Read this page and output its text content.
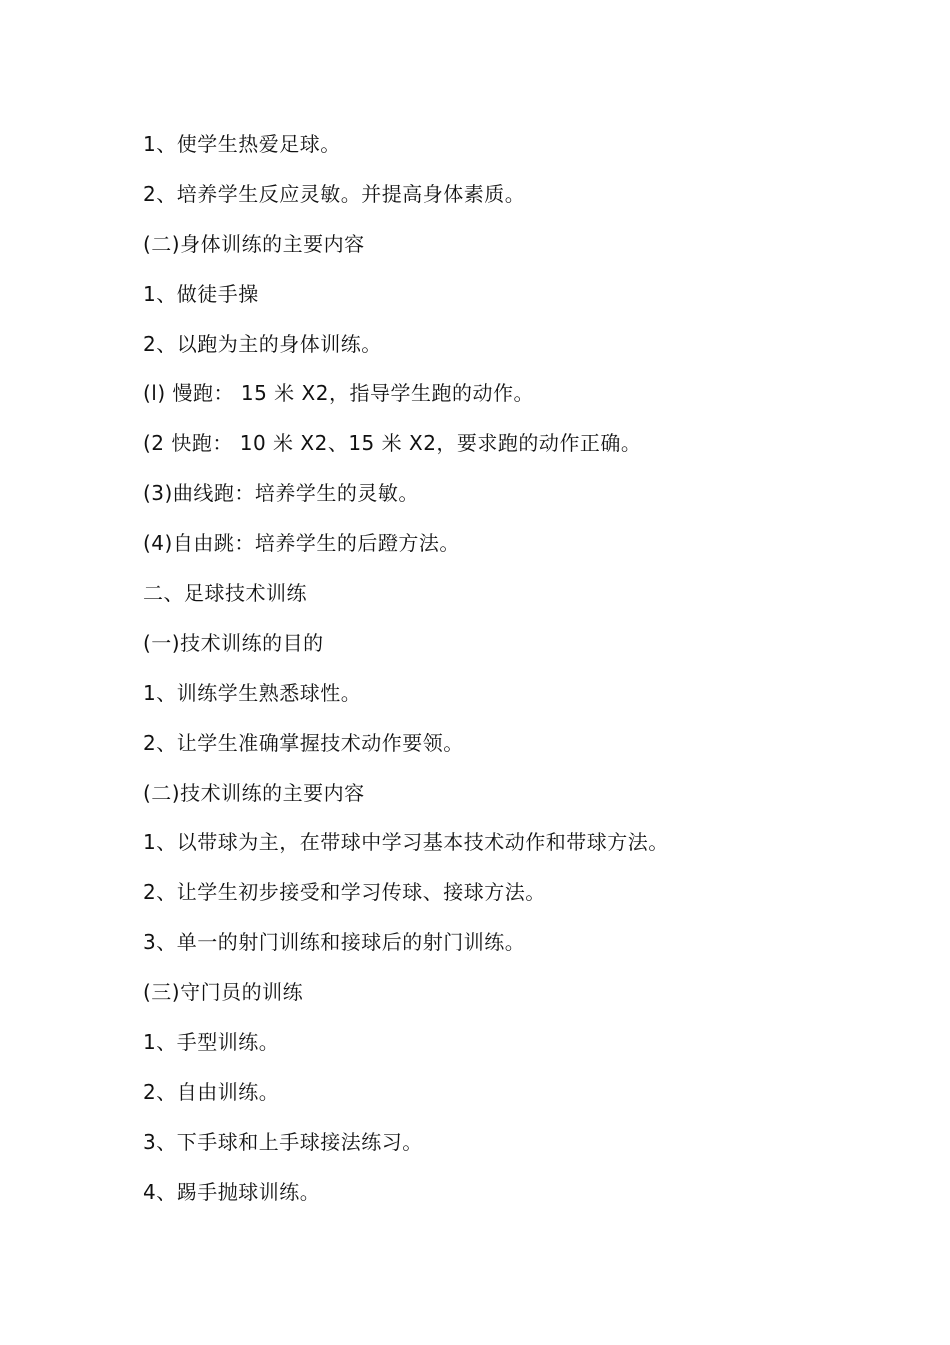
1、使学生热爱足球。
2、培养学生反应灵敏。并提高身体素质。
(二)身体训练的主要内容
1、做徒手操
2、以跑为主的身体训练。
(l) 慢跑： 15 米 X2，指导学生跑的动作。
(2 快跑： 10 米 X2、15 米 X2，要求跑的动作正确。
(3)曲线跑：培养学生的灵敏。
(4)自由跳：培养学生的后蹬方法。
二、足球技术训练
(一)技术训练的目的
1、训练学生熟悉球性。
2、让学生准确掌握技术动作要领。
(二)技术训练的主要内容
1、以带球为主，在带球中学习基本技术动作和带球方法。
2、让学生初步接受和学习传球、接球方法。
3、单一的射门训练和接球后的射门训练。
(三)守门员的训练
1、手型训练。
2、自由训练。
3、下手球和上手球接法练习。
4、踢手抛球训练。
